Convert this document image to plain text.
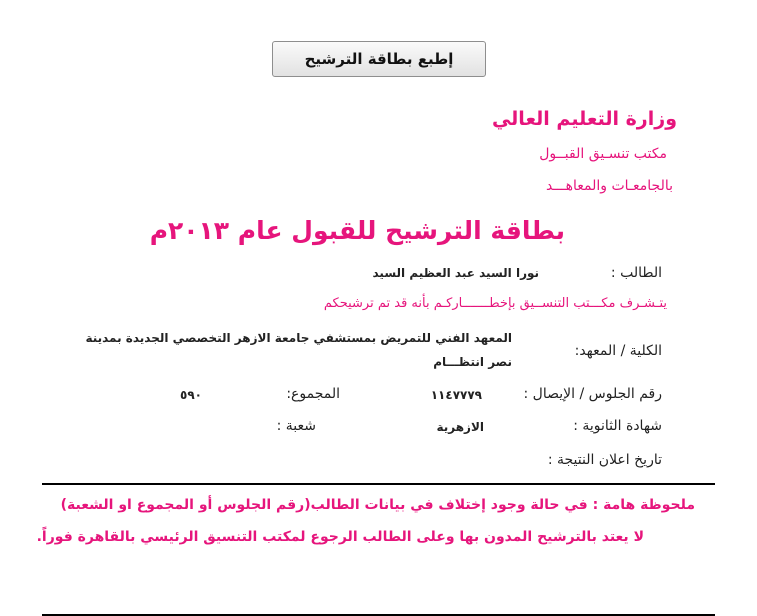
إطبع بطاقة الترشيح
وزارة التعليم العالي
مكتب تنسـيق القبــول
بالجامعـات والمعاهـــد
بطاقة الترشيح للقبول عام ٢٠١٣م
الطالب :
نورا السيد عبد العظيم السيد
يتـشـرف مكـــتب التنســيق بإخطـــــــاركـم بأنه قد تم ترشيحكم
الكلية / المعهد:
المعهد الفني للتمريض بمستشفي جامعة الازهر التخصصي الجديدة بمدينة نصر انتظـــام
رقم الجلوس / الإيصال :
١١٤٧٧٧٩
المجموع:
٥٩٠
شهادة الثانوية :
الازهرية
شعبة :
تاريخ اعلان النتيجة :
ملحوظة هامة : في حالة وجود إختلاف في بيانات الطالب(رقم الجلوس أو المجموع او الشعبة)
لا يعتد بالترشيح المدون بها وعلى الطالب الرجوع لمكتب التنسيق الرئيسي بالقاهرة فوراً.
